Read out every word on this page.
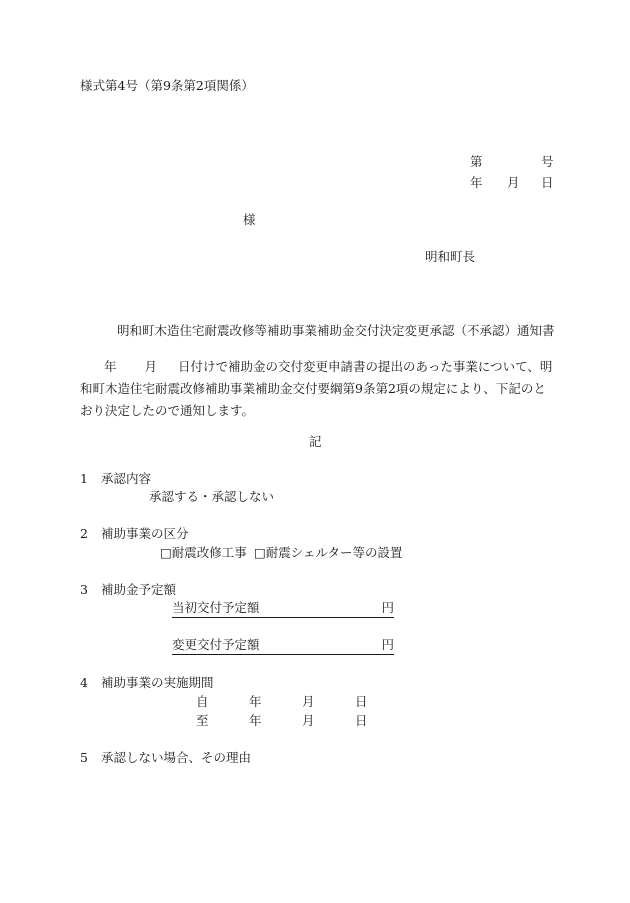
様式第4号（第9条第2項関係）
第	号
年 月 日
様
明和町長
明和町木造住宅耐震改修等補助事業補助金交付決定変更承認（不承認）通知書
年 月 日付けで補助金の交付変更申請書の提出のあった事業について、明和町木造住宅耐震改修補助事業補助金交付要綱第9条第2項の規定により、下記のとおり決定したので通知します。
記
1 承認内容
承認する・承認しない
2 補助事業の区分
□耐震改修工事 □耐震シェルター等の設置
3 補助金予定額
当初交付予定額	円
変更交付予定額	円
4 補助事業の実施期間
自	年	月	日
至	年	月	日
5 承認しない場合、その理由
